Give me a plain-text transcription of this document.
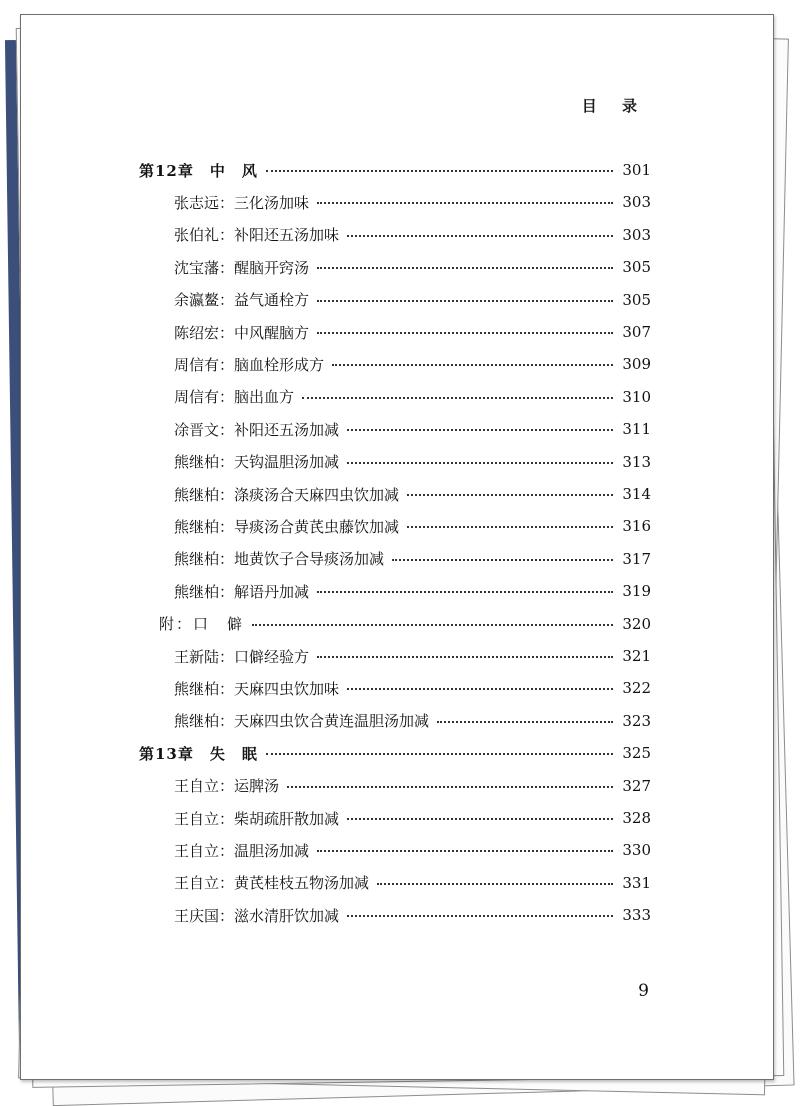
目 录
第12章　中　风	301
张志远：三化汤加味	303
张伯礼：补阳还五汤加味	303
沈宝藩：醒脑开窍汤	305
余瀛鳌：益气通栓方	305
陈绍宏：中风醒脑方	307
周信有：脑血栓形成方	309
周信有：脑出血方	310
凃晋文：补阳还五汤加减	311
熊继柏：天钩温胆汤加减	313
熊继柏：涤痰汤合天麻四虫饮加减	314
熊继柏：导痰汤合黄芪虫藤饮加减	316
熊继柏：地黄饮子合导痰汤加减	317
熊继柏：解语丹加减	319
附：口　僻	320
王新陆：口僻经验方	321
熊继柏：天麻四虫饮加味	322
熊继柏：天麻四虫饮合黄连温胆汤加减	323
第13章　失　眠	325
王自立：运脾汤	327
王自立：柴胡疏肝散加减	328
王自立：温胆汤加减	330
王自立：黄芪桂枝五物汤加减	331
王庆国：滋水清肝饮加减	333
9
